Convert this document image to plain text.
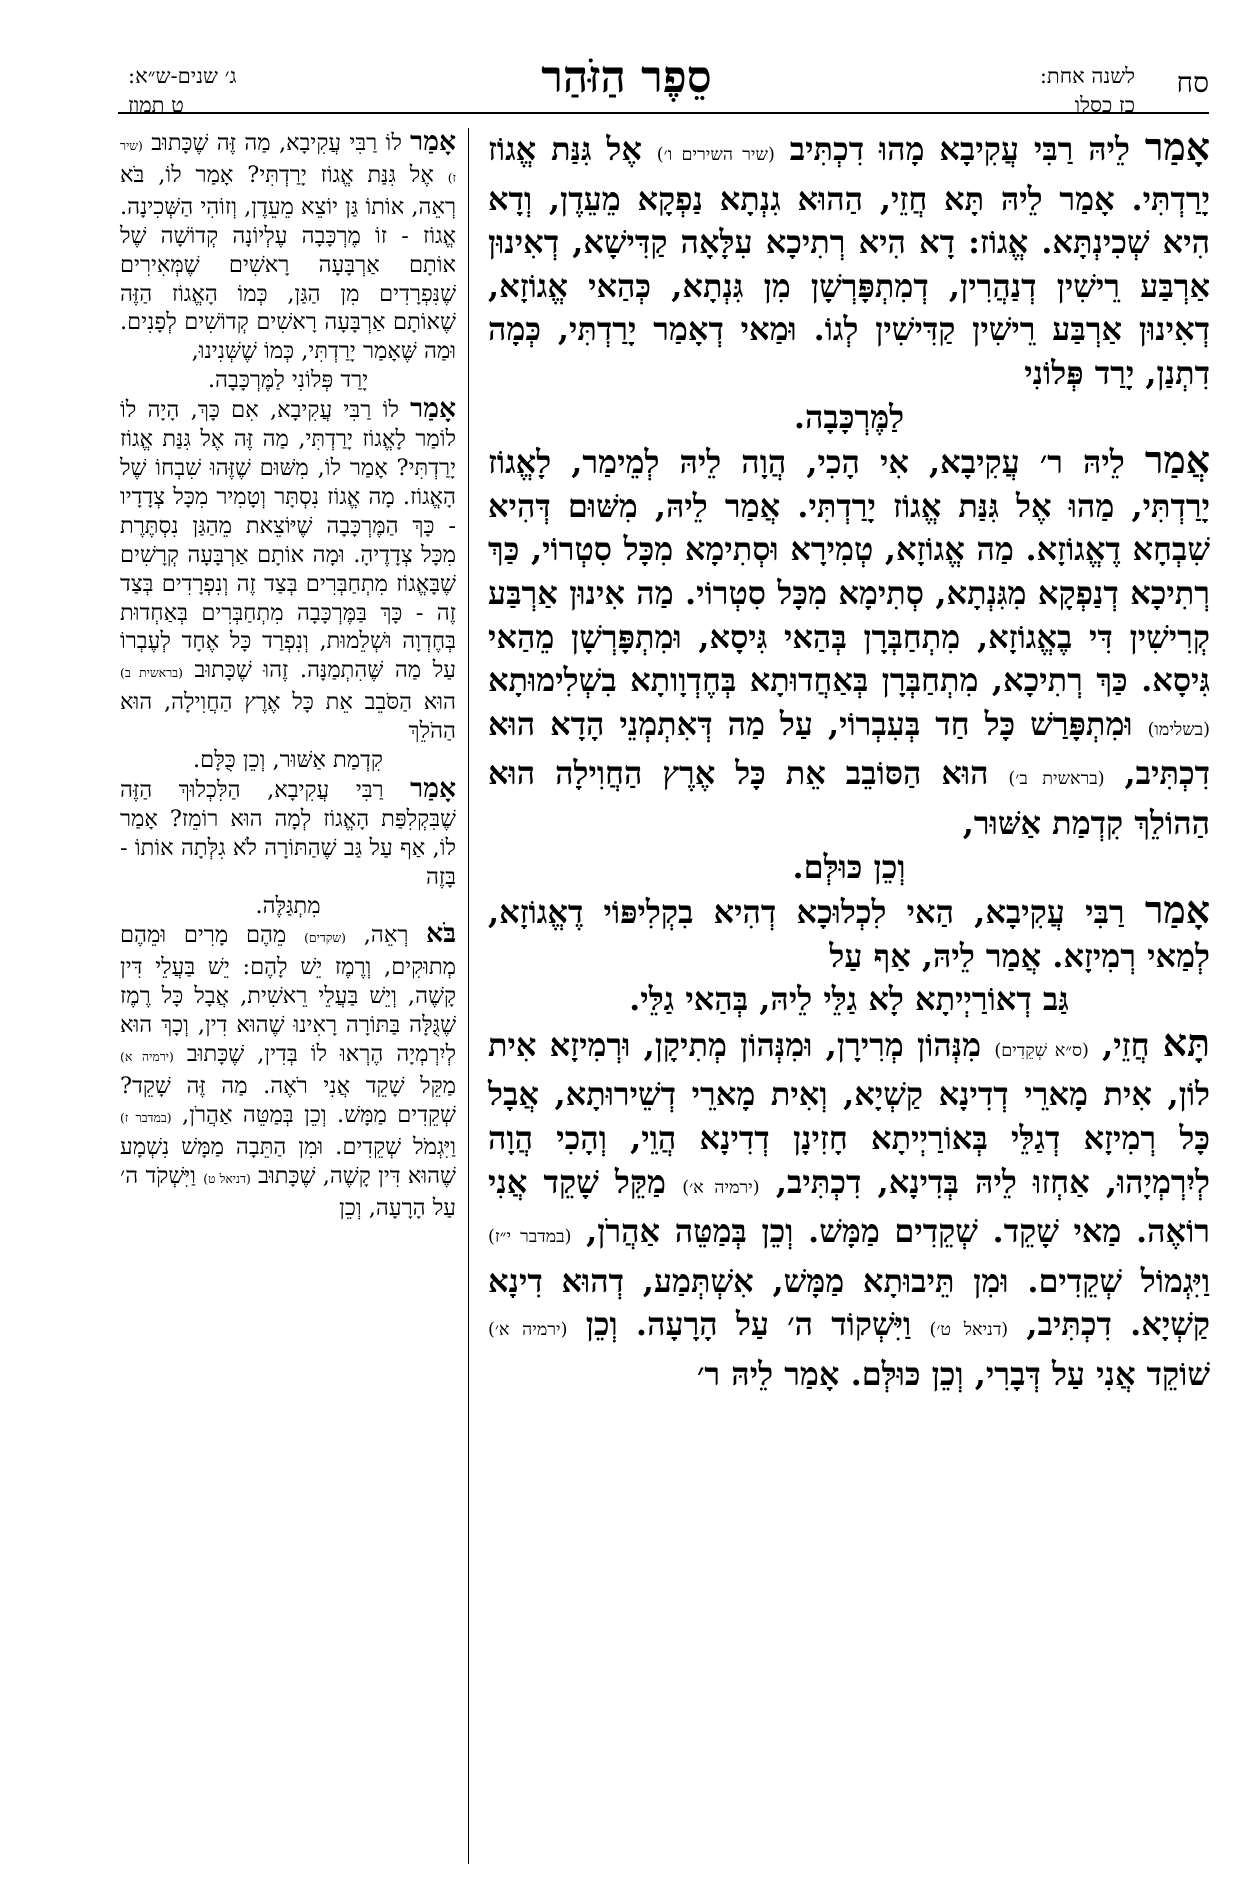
סח
לשנה אחת:
כז כסלו
סֵפֶר הַזֹּהַר
ג׳ שנים-ש״א:
ט תמוז

אָמַר לֵיהּ רַבִּי עֲקִיבָא מָהוּ דִכְתִּיב (שיר השירים ו׳) אֶל גִּנַּת אֱגוֹז יָרַדְתִּי. אָמַר לֵיהּ תָּא חֲזֵי, הַהוּא גִנְתָא נַפְקָא מֵעֵדֶן, וְדָא הִיא שְׁכִינְתָּא. אֱגוֹז: דָא הִיא רְתִיכָא עִלָּאָה קַדִּישָׁא, דְאִינוּן אַרְבַּע רֵישִׁין דְנַהֲרִין, דְמִתְפָּרְשָׁן מִן גִּנְתָא, כְּהַאי אֱגוֹזָא, דְאִינוּן אַרְבַּע רֵישִׁין קַדִּישִׁין לְגוֹ. וּמַאי דְאָמַר יָרַדְתִּי, כְּמָה דִתְנַן, יָרַד פְּלוֹנִי

לַמֶּרְכָּבָה.

אֲמַר לֵיהּ ר׳ עֲקִיבָא, אִי הָכִי, הֲוָה לֵיהּ לְמֵימַר, לָאֱגוֹז יָרַדְתִּי, מַהוּ אֶל גִּנַּת אֱגוֹז יָרַדְתִּי. אֲמַר לֵיהּ, מִשּׁוּם דְּהִיא שִׁבְחָא דֶאֱגוֹזָא. מַה אֱגוֹזָא, טְמִירָא וּסְתִימָא מִכָּל סִטְרוֹי, כַּךְ רְתִיכָא דְנַפְקָא מִגִּנְתָא, סְתִימָא מִכָּל סִטְרוֹי. מַה אִינוּן אַרְבַּע קְרִישִׁין דִּי בֶאֱגוֹזָא, מִתְחַבְּרָן בְּהַאי גִּיסָא, וּמִתְפָּרְשָׁן מֵהַאי גִּיסָא. כַּךְ רְתִיכָא, מִתְחַבְּרָן בְּאַחֲדוּתָא בְּחֶדְוָותָא בִשְׁלִימוּתָא (בשלימו) וּמִתְפָּרַשׁ כָּל חַד בְּעִבְרוֹי, עַל מַה דְּאִתְמְנֵי הָדָא הוּא דִכְתִּיב, (בראשית ב׳) הוּא הַסּוֹבֵב אֵת כָּל אֶרֶץ הַחֲוִילָה הוּא הַהוֹלֵךְ קִדְמַת אַשּׁוּר,

וְכֵן כּוּלְּם.

אָמַר רַבִּי עֲקִיבָא, הַאי לִכְלוּכָא דְהִיא בִקְלִיפּוֹי דֶאֱגוֹזָא, לְמַאי רְמִיזָא. אֲמַר לֵיהּ, אַף עַל

גַּב דְאוֹרַיְיתָא לָא גַלֵּי לֵיהּ, בְּהַאי גַלֵּי.

תָּא חֲזֵי, (ס״א שְׁקֵדִים) מִנְּהוֹן מְרִירָן, וּמִנְּהוֹן מְתִיקָן, וּרְמִיזָא אִית לוֹן, אִית מָארֵי דְדִינָא קַשְׁיָא, וְאִית מָארֵי דְשֵׁירוּתָא, אֲבָל כָּל רְמִיזָא דְגַלֵּי בְּאוֹרַיְיתָא חָזִינָן דְדִינָא הֲוֵי, וְהָכִי הֲוָה לְיִרְמְיָהוּ, אַחְזוּ לֵיהּ בְּדִינָא, דִכְתִּיב, (ירמיה א׳) מַקֵּל שָׁקֵד אֲנִי רוֹאֶה. מַאי שָׁקֵד. שְׁקֵדִים מַמָּשׁ. וְכֵן בְּמַטֵּה אַהֲרֹן, (במדבר י״ז) וַיִּגְמוֹל שְׁקֵדִים. וּמִן תֵּיבוּתָא מַמָּשׁ, אִשְׁתְּמַע, דְהוּא דִינָא קַשְׁיָא. דִכְתִּיב, (דניאל ט׳) וַיִּשְׁקוֹד ה׳ עַל הָרָעָה. וְכֵן (ירמיה א׳) שׁוֹקֵד אֲנִי עַל דְּבָרִי, וְכֵן כּוּלְּם. אָמַר לֵיהּ ר׳

אָמַר לוֹ רַבִּי עֲקִיבָא, מַה זֶּה שֶׁכָּתוּב (שיר ז) אֶל גִּנַּת אֱגוֹז יָרַדְתִּי? אָמַר לוֹ, בֹּא רְאֵה, אוֹתוֹ גַּן יוֹצֵא מֵעֵדֶן, וְזוֹהִי הַשְּׁכִינָה. אֱגוֹז - זוֹ מֶרְכָּבָה עֶלְיוֹנָה קְדוֹשָׁה שֶׁל אוֹתָם אַרְבָּעָה רָאשִׁים שֶׁמְּאִירִים שֶׁנִּפְרָדִים מִן הַגַּן, כְּמוֹ הָאֱגוֹז הַזֶּה שֶׁאוֹתָם אַרְבָּעָה רָאשִׁים קְדוֹשִׁים לְפָנִים. וּמַה שֶּׁאָמַר יָרַדְתִּי, כְּמוֹ שֶׁשְּׁנִינוּ,

יָרַד פְּלוֹנִי לַמֶּרְכָּבָה.

אָמַר לוֹ רַבִּי עֲקִיבָא, אִם כָּךְ, הָיָה לוֹ לוֹמַר לָאֱגוֹז יָרַדְתִּי, מַה זֶּה אֶל גִּנַּת אֱגוֹז יָרַדְתִּי? אָמַר לוֹ, מִשּׁוּם שֶׁזֶּהוּ שִׁבְחוֹ שֶׁל הָאֱגוֹז. מָה אֱגוֹז נִסְתָּר וְטָמִיר מִכָּל צְדָדָיו - כָּךְ הַמֶּרְכָּבָה שֶׁיּוֹצֵאת מֵהַגַּן נִסְתֶּרֶת מִכָּל צְדָדֶיהָ. וּמָה אוֹתָם אַרְבָּעָה קְרָשִׁים שֶׁבָּאֱגוֹז מִתְחַבְּרִים בְּצַד זֶה וְנִפְרָדִים בְּצַד זֶה - כָּךְ בַּמֶּרְכָּבָה מִתְחַבְּרִים בְּאַחְדוּת בְּחֶדְוָה וּשְׁלֵמוּת, וְנִפְרַד כָּל אֶחָד לְעֶבְרוֹ עַל מַה שֶּׁהִתְמַנָּה. זֶהוּ שֶׁכָּתוּב (בראשית ב) הוּא הַסֹּבֵב אֵת כָּל אֶרֶץ הַחֲוִילָה, הוּא הַהֹלֵךְ

קִדְמַת אַשּׁוּר, וְכֵן כֻּלָּם.

אָמַר רַבִּי עֲקִיבָא, הַלִּכְלוּךְ הַזֶּה שֶׁבִּקְלִפַּת הָאֱגוֹז לְמָה הוּא רוֹמֵז? אָמַר לוֹ, אַף עַל גַּב שֶׁהַתּוֹרָה לֹא גִלְּתָה אוֹתוֹ - בָּזֶה

מִתְגַּלֶּה.

בֹּא רְאֵה, (שקדים) מֵהֶם מָרִים וּמֵהֶם מְתוּקִים, וְרֶמֶז יֵשׁ לָהֶם: יֵשׁ בַּעֲלֵי דִּין קָשֶׁה, וְיֵשׁ בַּעֲלֵי רֵאשִׁית, אֲבָל כָּל רֶמֶז שֶׁגֻּלָּה בַּתּוֹרָה רָאִינוּ שֶׁהוּא דִין, וְכָךְ הוּא לְיִרְמְיָה הֶרְאוּ לוֹ בְּדִין, שֶׁכָּתוּב (ירמיה א) מַקֵּל שָׁקֵד אֲנִי רֹאֶה. מַה זֶּה שָׁקֵד? שְׁקֵדִים מַמָּשׁ. וְכֵן בְּמַטֵּה אַהֲרֹן, (במדבר ז) וַיִּגְמֹל שְׁקֵדִים. וּמִן הַתֵּבָה מַמָּשׁ נִשְׁמָע שֶׁהוּא דִּין קָשֶׁה, שֶׁכָּתוּב (דניאל ט) וַיִּשְׁקֹד ה׳ עַל הָרָעָה, וְכֵן
